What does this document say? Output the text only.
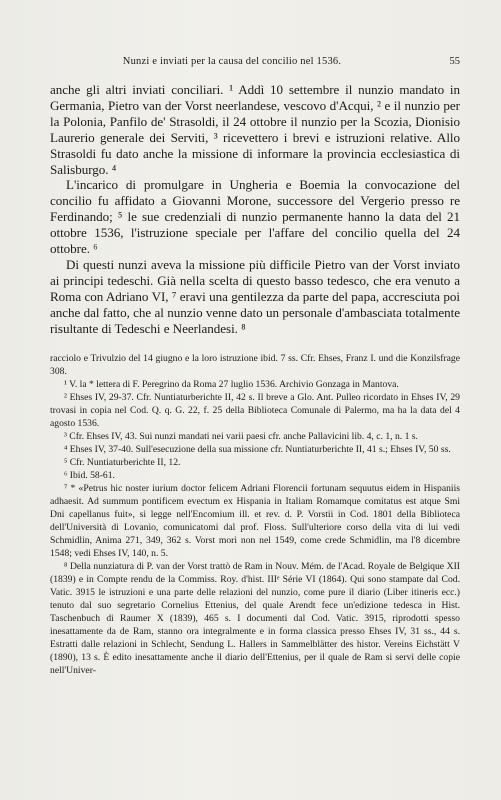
Nunzi e inviati per la causa del concilio nel 1536.	55

anche gli altri inviati conciliari. ¹ Addì 10 settembre il nunzio mandato in Germania, Pietro van der Vorst neerlandese, vescovo d'Acqui, ² e il nunzio per la Polonia, Panfilo de' Strasoldi, il 24 ottobre il nunzio per la Scozia, Dionisio Laurerio generale dei Serviti, ³ ricevettero i brevi e istruzioni relative. Allo Strasoldi fu dato anche la missione di informare la provincia ecclesiastica di Salisburgo. ⁴

L'incarico di promulgare in Ungheria e Boemia la convocazione del concilio fu affidato a Giovanni Morone, successore del Vergerio presso re Ferdinando; ⁵ le sue credenziali di nunzio permanente hanno la data del 21 ottobre 1536, l'istruzione speciale per l'affare del concilio quella del 24 ottobre. ⁶

Di questi nunzi aveva la missione più difficile Pietro van der Vorst inviato ai principi tedeschi. Già nella scelta di questo basso tedesco, che era venuto a Roma con Adriano VI, ⁷ eravi una gentilezza da parte del papa, accresciuta poi anche dal fatto, che al nunzio venne dato un personale d'ambasciata totalmente risultante di Tedeschi e Neerlandesi. ⁸

racciolo e Trivulzio del 14 giugno e la loro istruzione ibid. 7 ss. Cfr. Ehses, Franz I. und die Konzilsfrage 308.

¹ V. la * lettera di F. Peregrino da Roma 27 luglio 1536. Archivio Gonzaga in Mantova.

² Ehses IV, 29-37. Cfr. Nuntiaturberichte II, 42 s. Il breve a Glo. Ant. Pulleo ricordato in Ehses IV, 29 trovasi in copia nel Cod. Q. q. G. 22, f. 25 della Biblioteca Comunale di Palermo, ma ha la data del 4 agosto 1536.

³ Cfr. Ehses IV, 43. Sui nunzi mandati nei varii paesi cfr. anche Pallavicini lib. 4, c. 1, n. 1 s.

⁴ Ehses IV, 37-40. Sull'esecuzione della sua missione cfr. Nuntiaturberichte II, 41 s.; Ehses IV, 50 ss.

⁵ Cfr. Nuntiaturberichte II, 12.

⁶ Ibid. 58-61.

⁷ * «Petrus hic noster iurium doctor felicem Adriani Florencii fortunam sequutus eidem in Hispaniis adhaesit. Ad summum pontificem evectum ex Hispania in Italiam Romamque comitatus est atque Smi Dni capellanus fuit», si legge nell'Encomium ill. et rev. d. P. Vorstii in Cod. 1801 della Biblioteca dell'Università di Lovanio, comunicatomi dal prof. Floss. Sull'ulteriore corso della vita di lui vedi Schmidlin, Anima 271, 349, 362 s. Vorst morì non nel 1549, come crede Schmidlin, ma l'8 dicembre 1548; vedi Ehses IV, 140, n. 5.

⁸ Della nunziatura di P. van der Vorst trattò de Ram in Nouv. Mém. de l'Acad. Royale de Belgique XII (1839) e in Compte rendu de la Commiss. Roy. d'hist. IIIᵉ Série VI (1864). Qui sono stampate dal Cod. Vatic. 3915 le istruzioni e una parte delle relazioni del nunzio, come pure il diario (Liber itineris ecc.) tenuto dal suo segretario Cornelius Ettenius, del quale Arendt fece un'edizione tedesca in Hist. Taschenbuch di Raumer X (1839), 465 s. I documenti dal Cod. Vatic. 3915, riprodotti spesso inesattamente da de Ram, stanno ora integralmente e in forma classica presso Ehses IV, 31 ss., 44 s. Estratti dalle relazioni in Schlecht, Sendung L. Hallers in Sammelblätter des histor. Vereins Eichstätt V (1890), 13 s. È edito inesattamente anche il diario dell'Ettenius, per il quale de Ram si servì delle copie nell'Univer-
